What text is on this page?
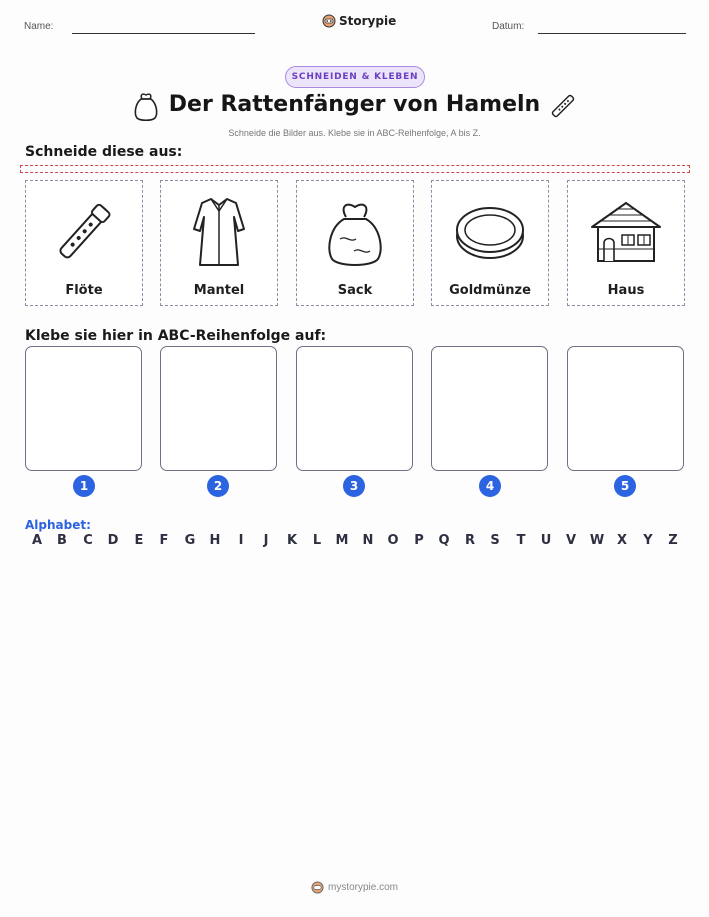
Name:	Storypie	Datum:
SCHNEIDEN & KLEBEN
Der Rattenfänger von Hameln
Schneide die Bilder aus. Klebe sie in ABC-Reihenfolge, A bis Z.
Schneide diese aus:
Flöte	Mantel	Sack	Goldmünze	Haus
Klebe sie hier in ABC-Reihenfolge auf:
1	2	3	4	5
Alphabet:
A	B	C	D	E	F	G	H	I	J	K	L	M	N	O	P	Q	R	S	T	U	V	W X	Y	Z
mystorypie.com
